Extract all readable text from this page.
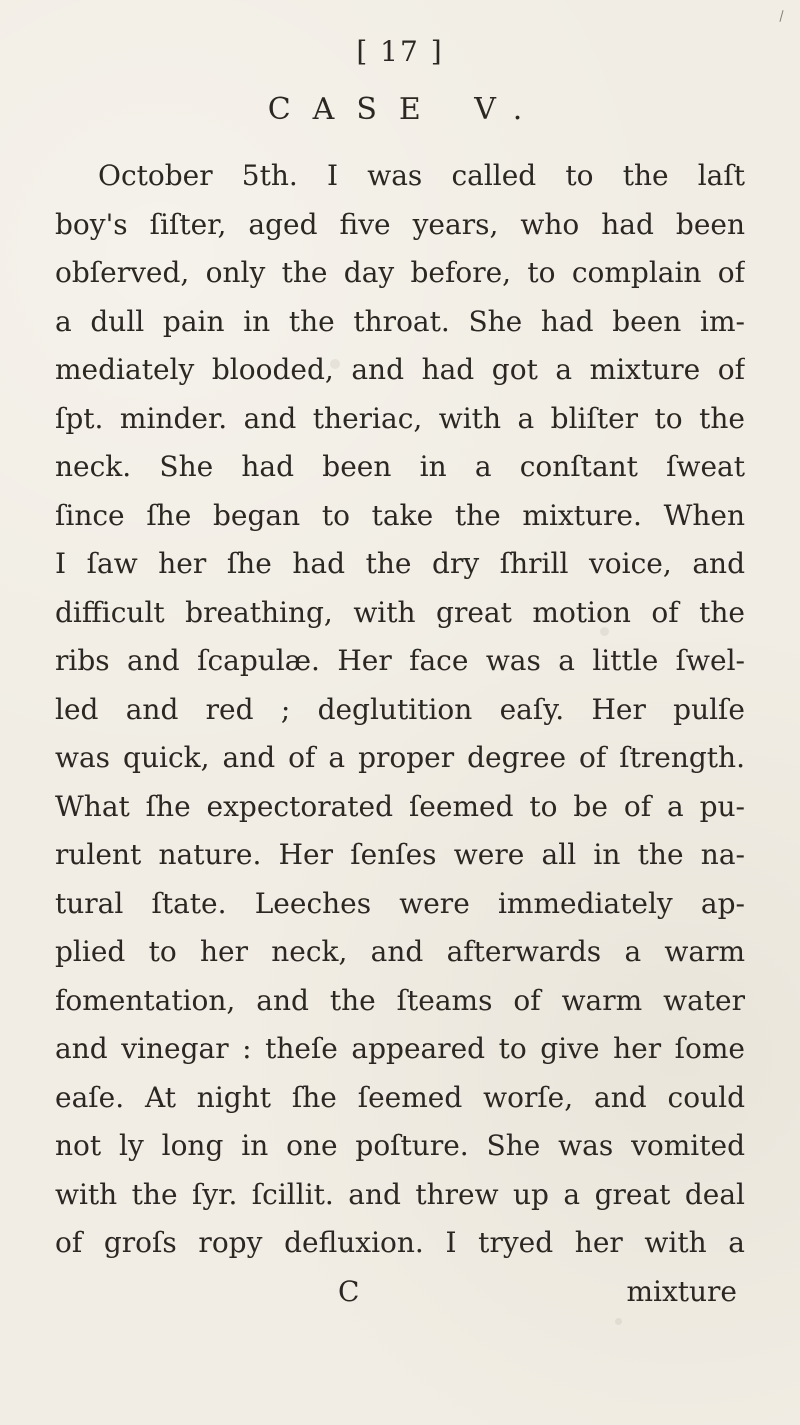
[ 17 ]
CASE V.
October 5th. I was called to the laſt
boy's ſiſter, aged five years, who had been
obſerved, only the day before, to complain of
a dull pain in the throat. She had been im-
mediately blooded, and had got a mixture of
ſpt. minder. and theriac, with a bliſter to the
neck. She had been in a conſtant ſweat
ſince ſhe began to take the mixture. When
I ſaw her ſhe had the dry ſhrill voice, and
difficult breathing, with great motion of the
ribs and ſcapulæ. Her face was a little ſwel-
led and red ; deglutition eaſy. Her pulſe
was quick, and of a proper degree of ſtrength.
What ſhe expectorated ſeemed to be of a pu-
rulent nature. Her ſenſes were all in the na-
tural ſtate. Leeches were immediately ap-
plied to her neck, and afterwards a warm
fomentation, and the ſteams of warm water
and vinegar : theſe appeared to give her ſome
eaſe. At night ſhe ſeemed worſe, and could
not ly long in one poſture. She was vomited
with the ſyr. ſcillit. and threw up a great deal
of groſs ropy defluxion. I tryed her with a
C	mixture
